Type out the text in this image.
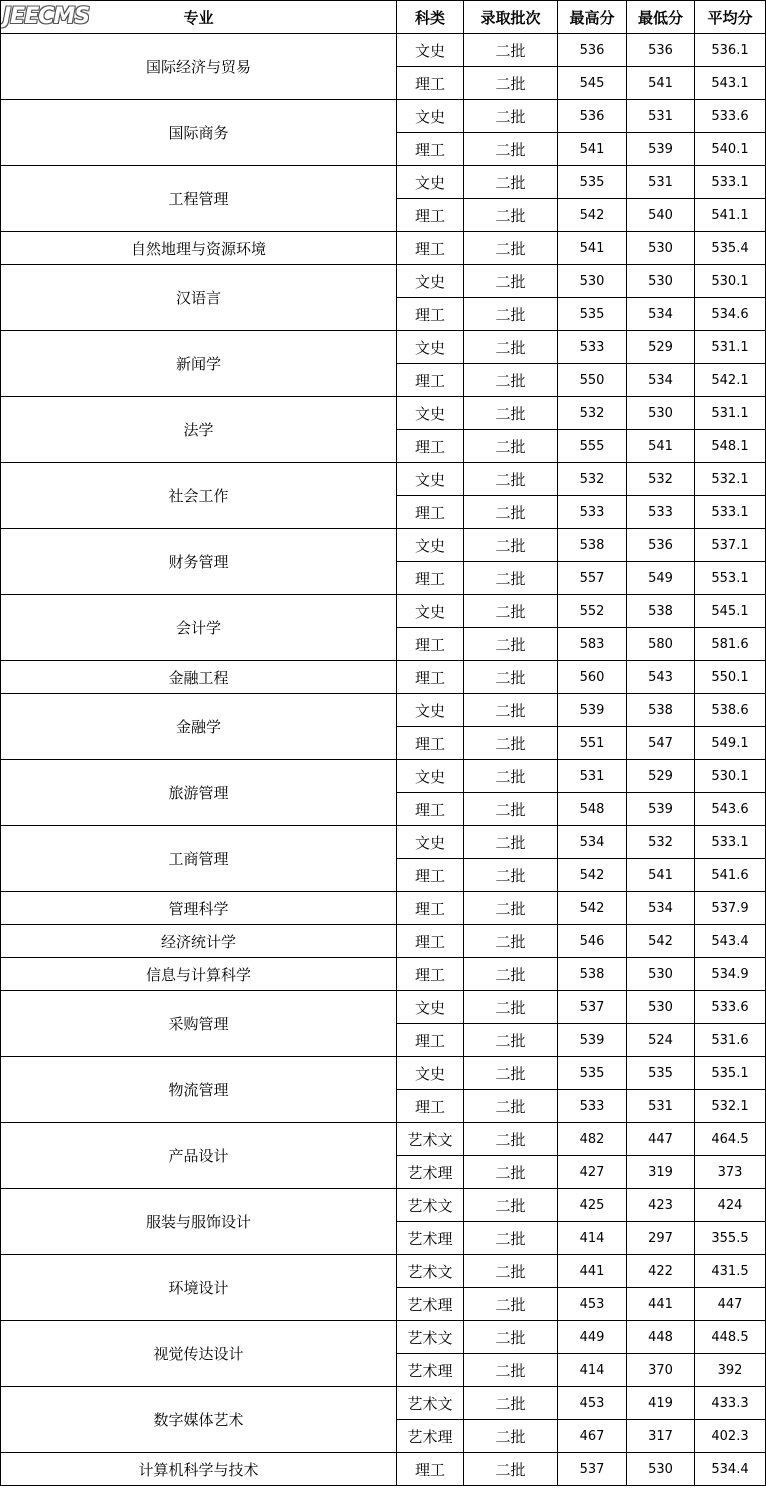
JEECMS 专业	科类	录取批次	最高分	最低分	平均分
国际经济与贸易	文史	二批	536	536	536.1
	理工	二批	545	541	543.1
国际商务	文史	二批	536	531	533.6
	理工	二批	541	539	540.1
工程管理	文史	二批	535	531	533.1
	理工	二批	542	540	541.1
自然地理与资源环境	理工	二批	541	530	535.4
汉语言	文史	二批	530	530	530.1
	理工	二批	535	534	534.6
新闻学	文史	二批	533	529	531.1
	理工	二批	550	534	542.1
法学	文史	二批	532	530	531.1
	理工	二批	555	541	548.1
社会工作	文史	二批	532	532	532.1
	理工	二批	533	533	533.1
财务管理	文史	二批	538	536	537.1
	理工	二批	557	549	553.1
会计学	文史	二批	552	538	545.1
	理工	二批	583	580	581.6
金融工程	理工	二批	560	543	550.1
金融学	文史	二批	539	538	538.6
	理工	二批	551	547	549.1
旅游管理	文史	二批	531	529	530.1
	理工	二批	548	539	543.6
工商管理	文史	二批	534	532	533.1
	理工	二批	542	541	541.6
管理科学	理工	二批	542	534	537.9
经济统计学	理工	二批	546	542	543.4
信息与计算科学	理工	二批	538	530	534.9
采购管理	文史	二批	537	530	533.6
	理工	二批	539	524	531.6
物流管理	文史	二批	535	535	535.1
	理工	二批	533	531	532.1
产品设计	艺术文	二批	482	447	464.5
	艺术理	二批	427	319	373
服装与服饰设计	艺术文	二批	425	423	424
	艺术理	二批	414	297	355.5
环境设计	艺术文	二批	441	422	431.5
	艺术理	二批	453	441	447
视觉传达设计	艺术文	二批	449	448	448.5
	艺术理	二批	414	370	392
数字媒体艺术	艺术文	二批	453	419	433.3
	艺术理	二批	467	317	402.3
计算机科学与技术	理工	二批	537	530	534.4
